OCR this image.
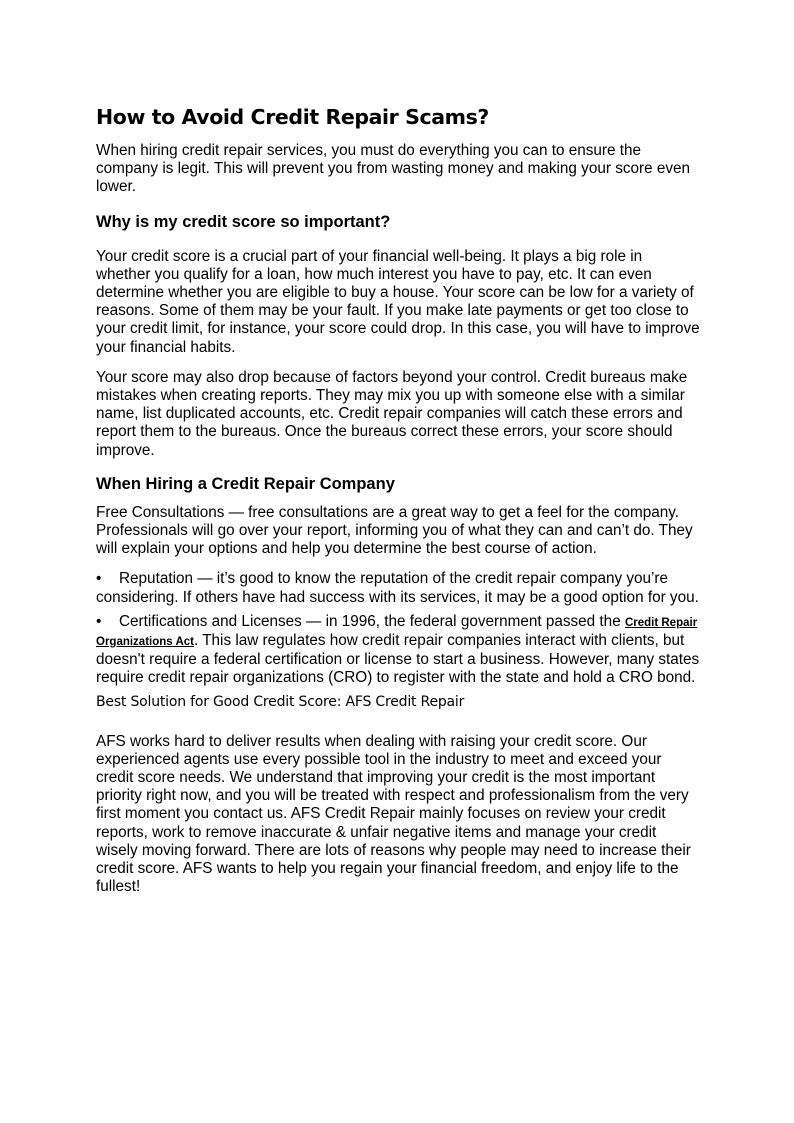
How to Avoid Credit Repair Scams?

When hiring credit repair services, you must do everything you can to ensure the company is legit. This will prevent you from wasting money and making your score even lower.

Why is my credit score so important?

Your credit score is a crucial part of your financial well-being. It plays a big role in whether you qualify for a loan, how much interest you have to pay, etc. It can even determine whether you are eligible to buy a house. Your score can be low for a variety of reasons. Some of them may be your fault. If you make late payments or get too close to your credit limit, for instance, your score could drop. In this case, you will have to improve your financial habits.

Your score may also drop because of factors beyond your control. Credit bureaus make mistakes when creating reports. They may mix you up with someone else with a similar name, list duplicated accounts, etc. Credit repair companies will catch these errors and report them to the bureaus. Once the bureaus correct these errors, your score should improve.

When Hiring a Credit Repair Company

Free Consultations — free consultations are a great way to get a feel for the company. Professionals will go over your report, informing you of what they can and can’t do. They will explain your options and help you determine the best course of action.

• Reputation — it’s good to know the reputation of the credit repair company you’re considering. If others have had success with its services, it may be a good option for you.

• Certifications and Licenses — in 1996, the federal government passed the Credit Repair Organizations Act. This law regulates how credit repair companies interact with clients, but doesn't require a federal certification or license to start a business. However, many states require credit repair organizations (CRO) to register with the state and hold a CRO bond.

Best Solution for Good Credit Score: AFS Credit Repair

AFS works hard to deliver results when dealing with raising your credit score. Our experienced agents use every possible tool in the industry to meet and exceed your credit score needs. We understand that improving your credit is the most important priority right now, and you will be treated with respect and professionalism from the very first moment you contact us. AFS Credit Repair mainly focuses on review your credit reports, work to remove inaccurate & unfair negative items and manage your credit wisely moving forward. There are lots of reasons why people may need to increase their credit score. AFS wants to help you regain your financial freedom, and enjoy life to the fullest!
